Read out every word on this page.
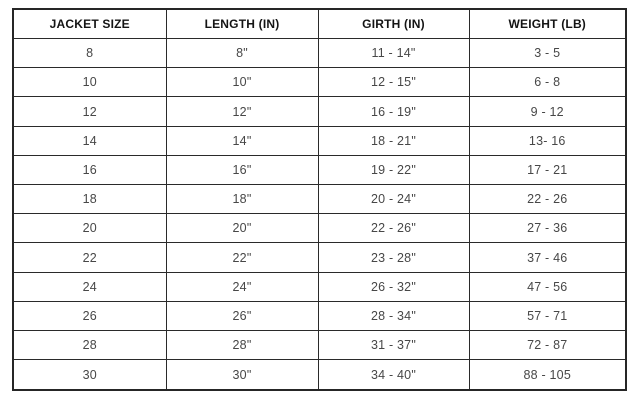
JACKET SIZE	LENGTH (IN)	GIRTH (IN)	WEIGHT (LB)
8	8"	11 - 14"	3 - 5
10	10"	12 - 15"	6 - 8
12	12"	16 - 19"	9 - 12
14	14"	18 - 21"	13- 16
16	16"	19 - 22"	17 - 21
18	18"	20 - 24"	22 - 26
20	20"	22 - 26"	27 - 36
22	22"	23 - 28"	37 - 46
24	24"	26 - 32"	47 - 56
26	26"	28 - 34"	57 - 71
28	28"	31 - 37"	72 - 87
30	30"	34 - 40"	88 - 105
